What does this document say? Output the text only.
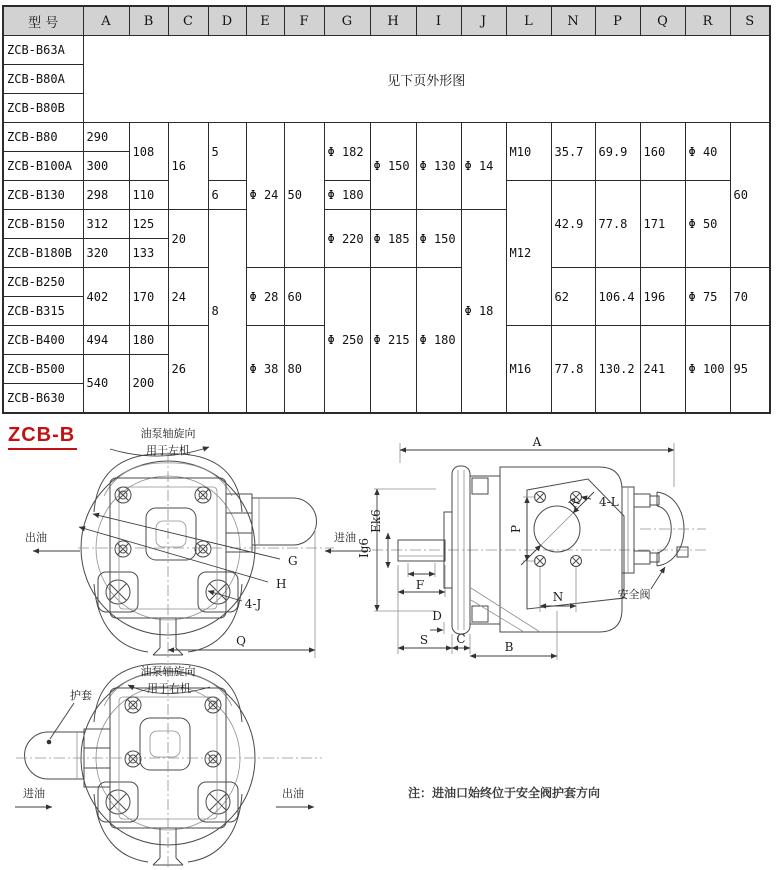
型 号	A	B	C	D	E	F	G	H	I	J	L	N	P	Q	R	S
ZCB-B63A	见下页外形图															
ZCB-B80A																
ZCB-B80B																
ZCB-B80	290	108	16	5	Φ 24	50	Φ 182	Φ 150	Φ 130	Φ 14	M10	35.7	69.9	160	Φ 40	60
ZCB-B100A	300															
ZCB-B130	298	110		6			Φ 180				M12	42.9	77.8	171	Φ 50	
ZCB-B150	312	125	20	8			Φ 220	Φ 185	Φ 150	Φ 18						
ZCB-B180B	320	133														
ZCB-B250	402	170	24		Φ 28	60	Φ 250	Φ 215	Φ 180			62	106.4	196	Φ 75	70
ZCB-B315																
ZCB-B400	494	180	26		Φ 38	80					M16	77.8	130.2	241	Φ 100	95
ZCB-B500	540	200														
ZCB-B630																
ZCB-B
出油	进油
G
H
4-J
Q
油泵轴旋向
用于左机
A
F
Ek6
Ig6
R 4-L
P
N	安全阀
D
S C
B
护套
进油	出油
油泵轴旋向
用于右机
注：进油口始终位于安全阀护套方向
